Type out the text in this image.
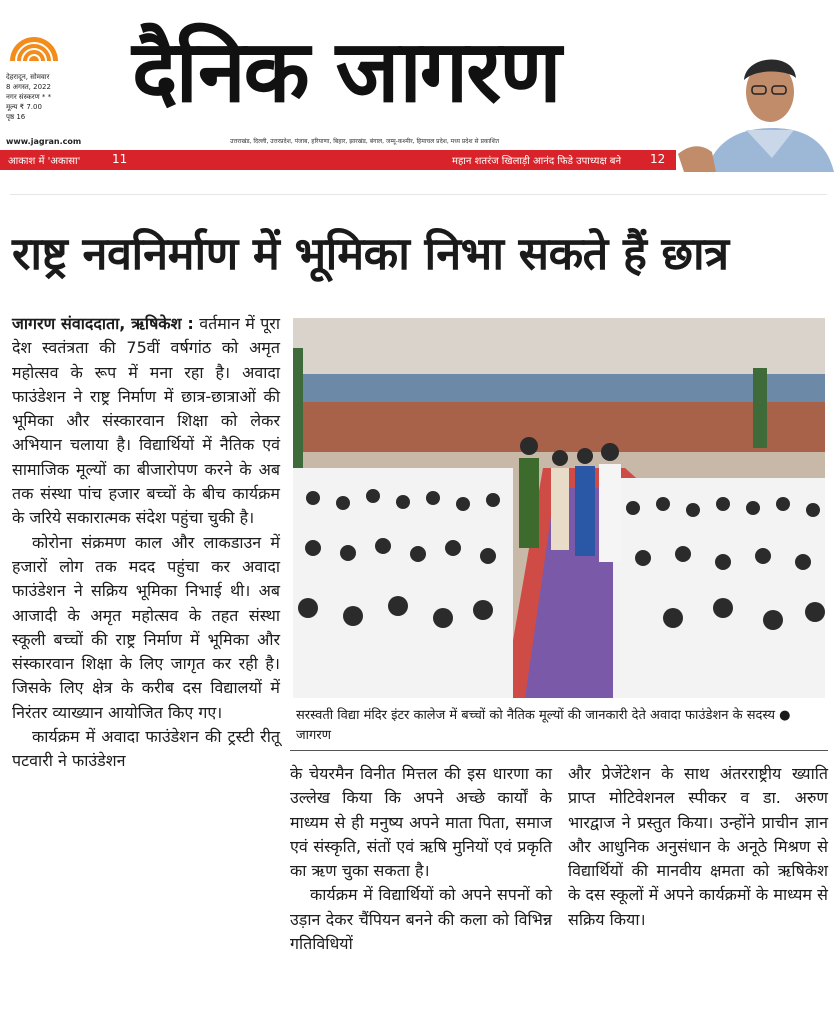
देहरादून, सोमवार
8 अगस्त, 2022
नगर संस्करण * *
मूल्य ₹ 7.00
पृष्ठ 16	दैनिक जागरण
www.jagran.com	उत्तराखंड, दिल्ली, उत्तरप्रदेश, पंजाब, हरियाणा, बिहार, झारखंड, बंगाल, जम्मू-कश्मीर, हिमाचल प्रदेश, मध्य प्रदेश से प्रकाशित
आकाश में 'अकासा'	11	महान शतरंज खिलाड़ी आनंद फिडे उपाध्यक्ष बने 12
राष्ट्र नवनिर्माण में भूमिका निभा सकते हैं छात्र

जागरण संवाददाता, ऋषिकेश : वर्तमान में पूरा देश स्वतंत्रता की 75वीं वर्षगांठ को अमृत महोत्सव के रूप में मना रहा है। अवादा फाउंडेशन ने राष्ट्र निर्माण में छात्र-छात्राओं की भूमिका और संस्कारवान शिक्षा को लेकर अभियान चलाया है। विद्यार्थियों में नैतिक एवं सामाजिक मूल्यों का बीजारोपण करने के अब तक संस्था पांच हजार बच्चों के बीच कार्यक्रम के जरिये सकारात्मक संदेश पहुंचा चुकी है।

कोरोना संक्रमण काल और लाकडाउन में हजारों लोग तक मदद पहुंचा कर अवादा फाउंडेशन ने सक्रिय भूमिका निभाई थी। अब आजादी के अमृत महोत्सव के तहत संस्था स्कूली बच्चों की राष्ट्र निर्माण में भूमिका और संस्कारवान शिक्षा के लिए जागृत कर रही है। जिसके लिए क्षेत्र के करीब दस विद्यालयों में निरंतर व्याख्यान आयोजित किए गए।

कार्यक्रम में अवादा फाउंडेशन की ट्रस्टी रीतू पटवारी ने फाउंडेशन

सरस्वती विद्या मंदिर इंटर कालेज में बच्चों को नैतिक मूल्यों की जानकारी देते अवादा फाउंडेशन के सदस्य ● जागरण

के चेयरमैन विनीत मित्तल की इस धारणा का उल्लेख किया कि अपने अच्छे कार्यों के माध्यम से ही मनुष्य अपने माता पिता, समाज एवं संस्कृति, संतों एवं ऋषि मुनियों एवं प्रकृति का ऋण चुका सकता है।

कार्यक्रम में विद्यार्थियों को अपने सपनों को उड़ान देकर चैंपियन बनने की कला को विभिन्न गतिविधियों

और प्रेजेंटेशन के साथ अंतरराष्ट्रीय ख्याति प्राप्त मोटिवेशनल स्पीकर व डा. अरुण भारद्वाज ने प्रस्तुत किया। उन्होंने प्राचीन ज्ञान और आधुनिक अनुसंधान के अनूठे मिश्रण से विद्यार्थियों की मानवीय क्षमता को ऋषिकेश के दस स्कूलों में अपने कार्यक्रमों के माध्यम से सक्रिय किया।
